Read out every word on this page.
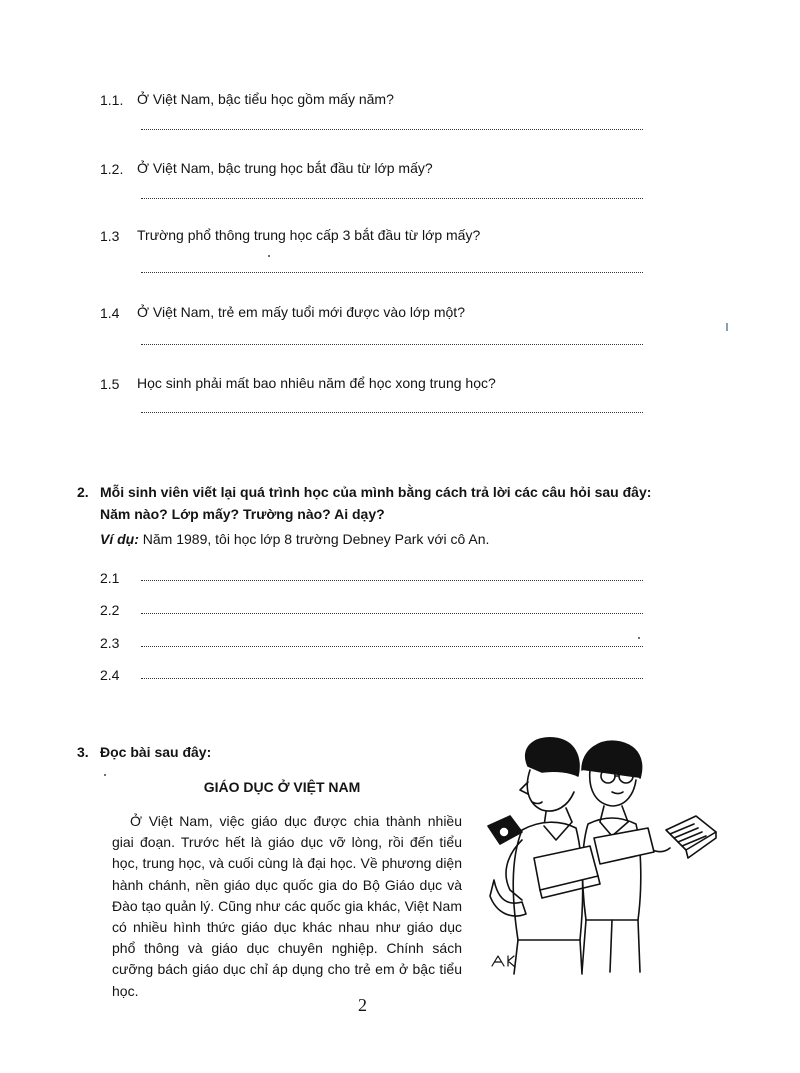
1.1. Ở Việt Nam, bậc tiểu học gồm mấy năm?
1.2. Ở Việt Nam, bậc trung học bắt đầu từ lớp mấy?
1.3 Trường phổ thông trung học cấp 3 bắt đầu từ lớp mấy?
1.4 Ở Việt Nam, trẻ em mấy tuổi mới được vào lớp một?
1.5 Học sinh phải mất bao nhiêu năm để học xong trung học?
2. Mỗi sinh viên viết lại quá trình học của mình bằng cách trả lời các câu hỏi sau đây: Năm nào? Lớp mấy? Trường nào? Ai dạy?
Ví dụ: Năm 1989, tôi học lớp 8 trường Debney Park với cô An.
2.1
2.2
2.3
2.4
3. Đọc bài sau đây:
GIÁO DỤC Ở VIỆT NAM

Ở Việt Nam, việc giáo dục được chia thành nhiều giai đoạn. Trước hết là giáo dục vỡ lòng, rồi đến tiểu học, trung học, và cuối cùng là đại học. Về phương diện hành chánh, nền giáo dục quốc gia do Bộ Giáo dục và Đào tạo quản lý. Cũng như các quốc gia khác, Việt Nam có nhiều hình thức giáo dục khác nhau như giáo dục phổ thông và giáo dục chuyên nghiệp. Chính sách cưỡng bách giáo dục chỉ áp dụng cho trẻ em ở bậc tiểu học.

AK
2
